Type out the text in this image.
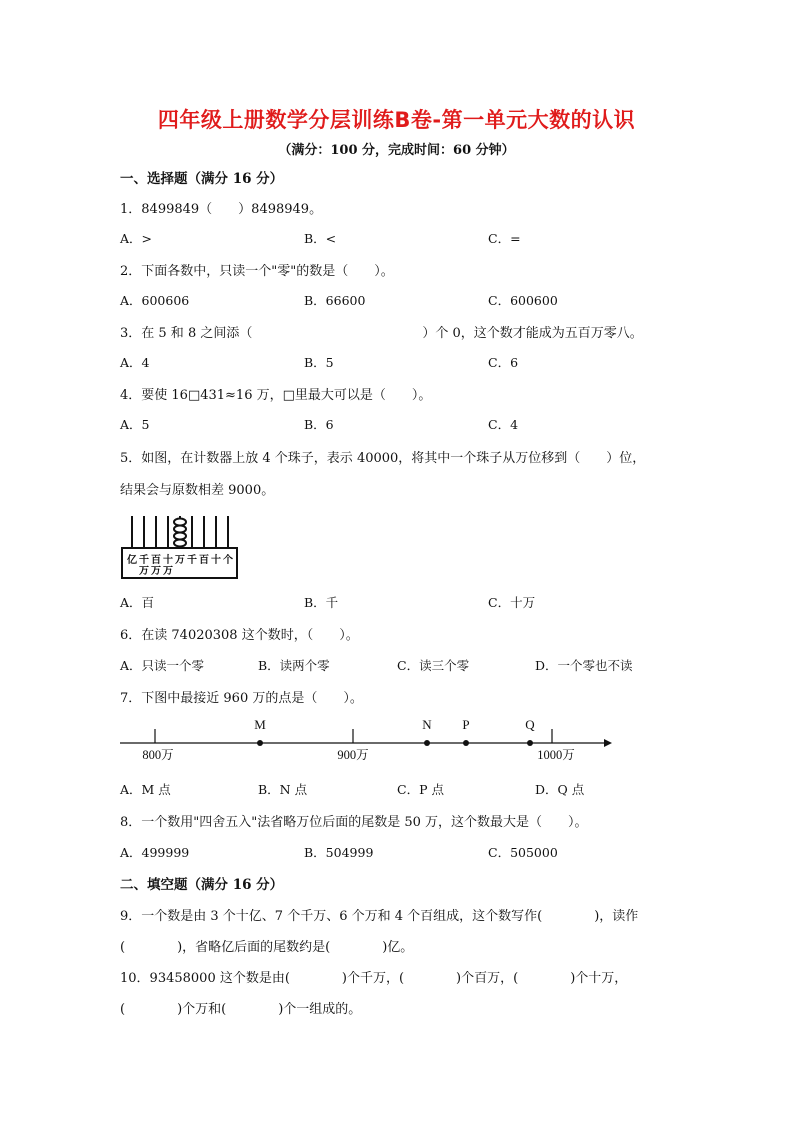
四年级上册数学分层训练B卷-第一单元大数的认识
（满分：100 分，完成时间：60 分钟）
一、选择题（满分 16 分）
1．8499849（　　）8498949。
A．>	B．<	C．=
2．下面各数中，只读一个"零"的数是（　　）。
A．600606	B．66600	C．600600
3．在 5 和 8 之间添（	）个 0，这个数才能成为五百万零八。
A．4	B．5	C．6
4．要使 16□431≈16 万，□里最大可以是（　　）。
A．5	B．6	C．4
5．如图，在计数器上放 4 个珠子，表示 40000，将其中一个珠子从万位移到（　　）位，
结果会与原数相差 9000。
亿 千 百 十 万 千 百 十 个
万 万 万
A．百	B．千	C．十万
6．在读 74020308 这个数时，（　　）。
A．只读一个零	B．读两个零	C．读三个零	D．一个零也不读
7．下图中最接近 960 万的点是（　　）。
M	N P	Q
800万	900万	1000万
A．M 点	B．N 点	C．P 点	D．Q 点
8．一个数用"四舍五入"法省略万位后面的尾数是 50 万，这个数最大是（　　）。
A．499999	B．504999	C．505000
二、填空题（满分 16 分）
9．一个数是由 3 个十亿、7 个千万、6 个万和 4 个百组成，这个数写作(　　　　)，读作
(　　　　)，省略亿后面的尾数约是(　　　　)亿。
10．93458000 这个数是由(　　　　)个千万，(　　　　)个百万，(　　　　)个十万，
(　　　　)个万和(　　　　)个一组成的。
